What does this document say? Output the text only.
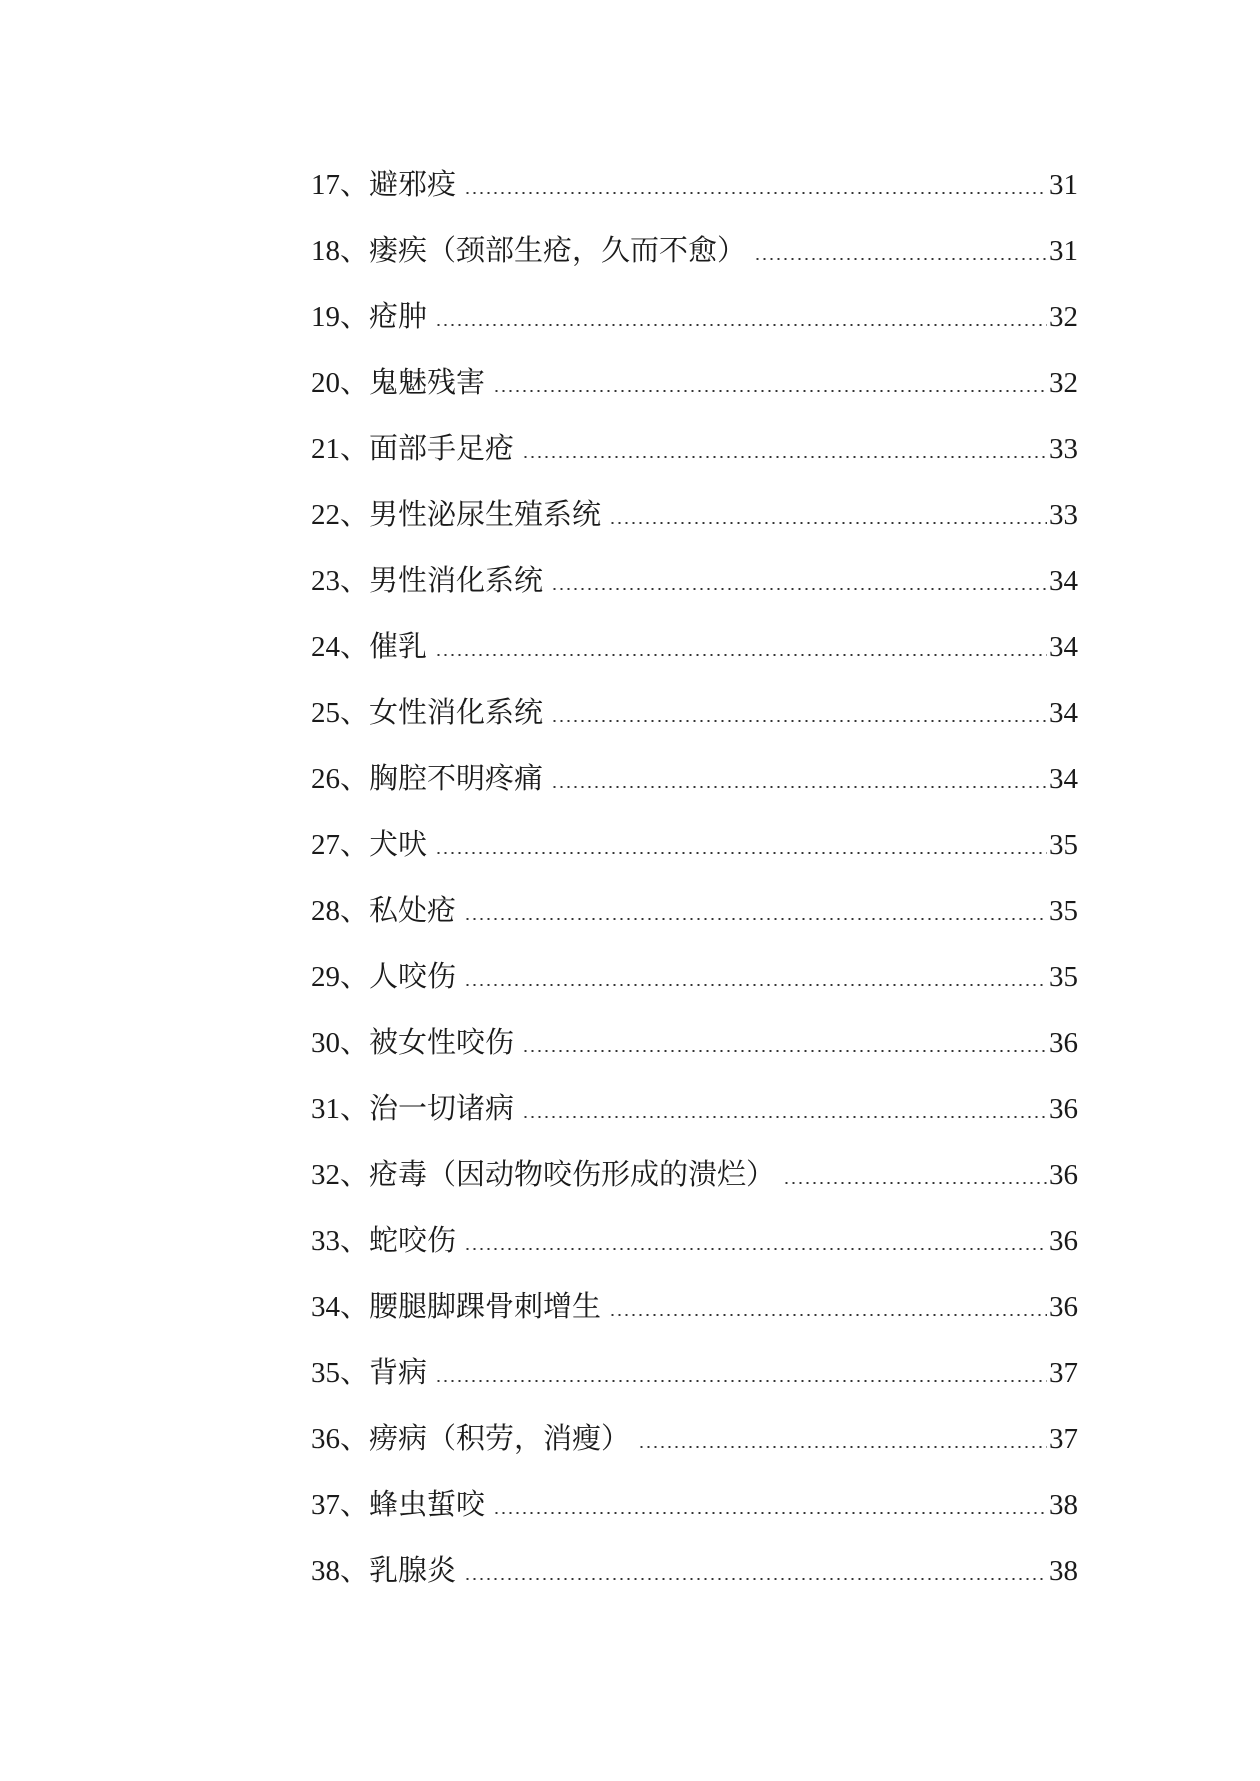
17、 避邪疫	31
18、 瘘疾（颈部生疮，久而不愈）	31
19、 疮肿	32
20、 鬼魅残害	32
21、 面部手足疮	33
22、 男性泌尿生殖系统	33
23、 男性消化系统	34
24、 催乳	34
25、 女性消化系统	34
26、 胸腔不明疼痛	34
27、 犬吠	35
28、 私处疮	35
29、 人咬伤	35
30、 被女性咬伤	36
31、 治一切诸病	36
32、 疮毒（因动物咬伤形成的溃烂）	36
33、 蛇咬伤	36
34、 腰腿脚踝骨刺增生	36
35、 背病	37
36、 痨病（积劳，消瘦）	37
37、 蜂虫蜇咬	38
38、 乳腺炎	38
